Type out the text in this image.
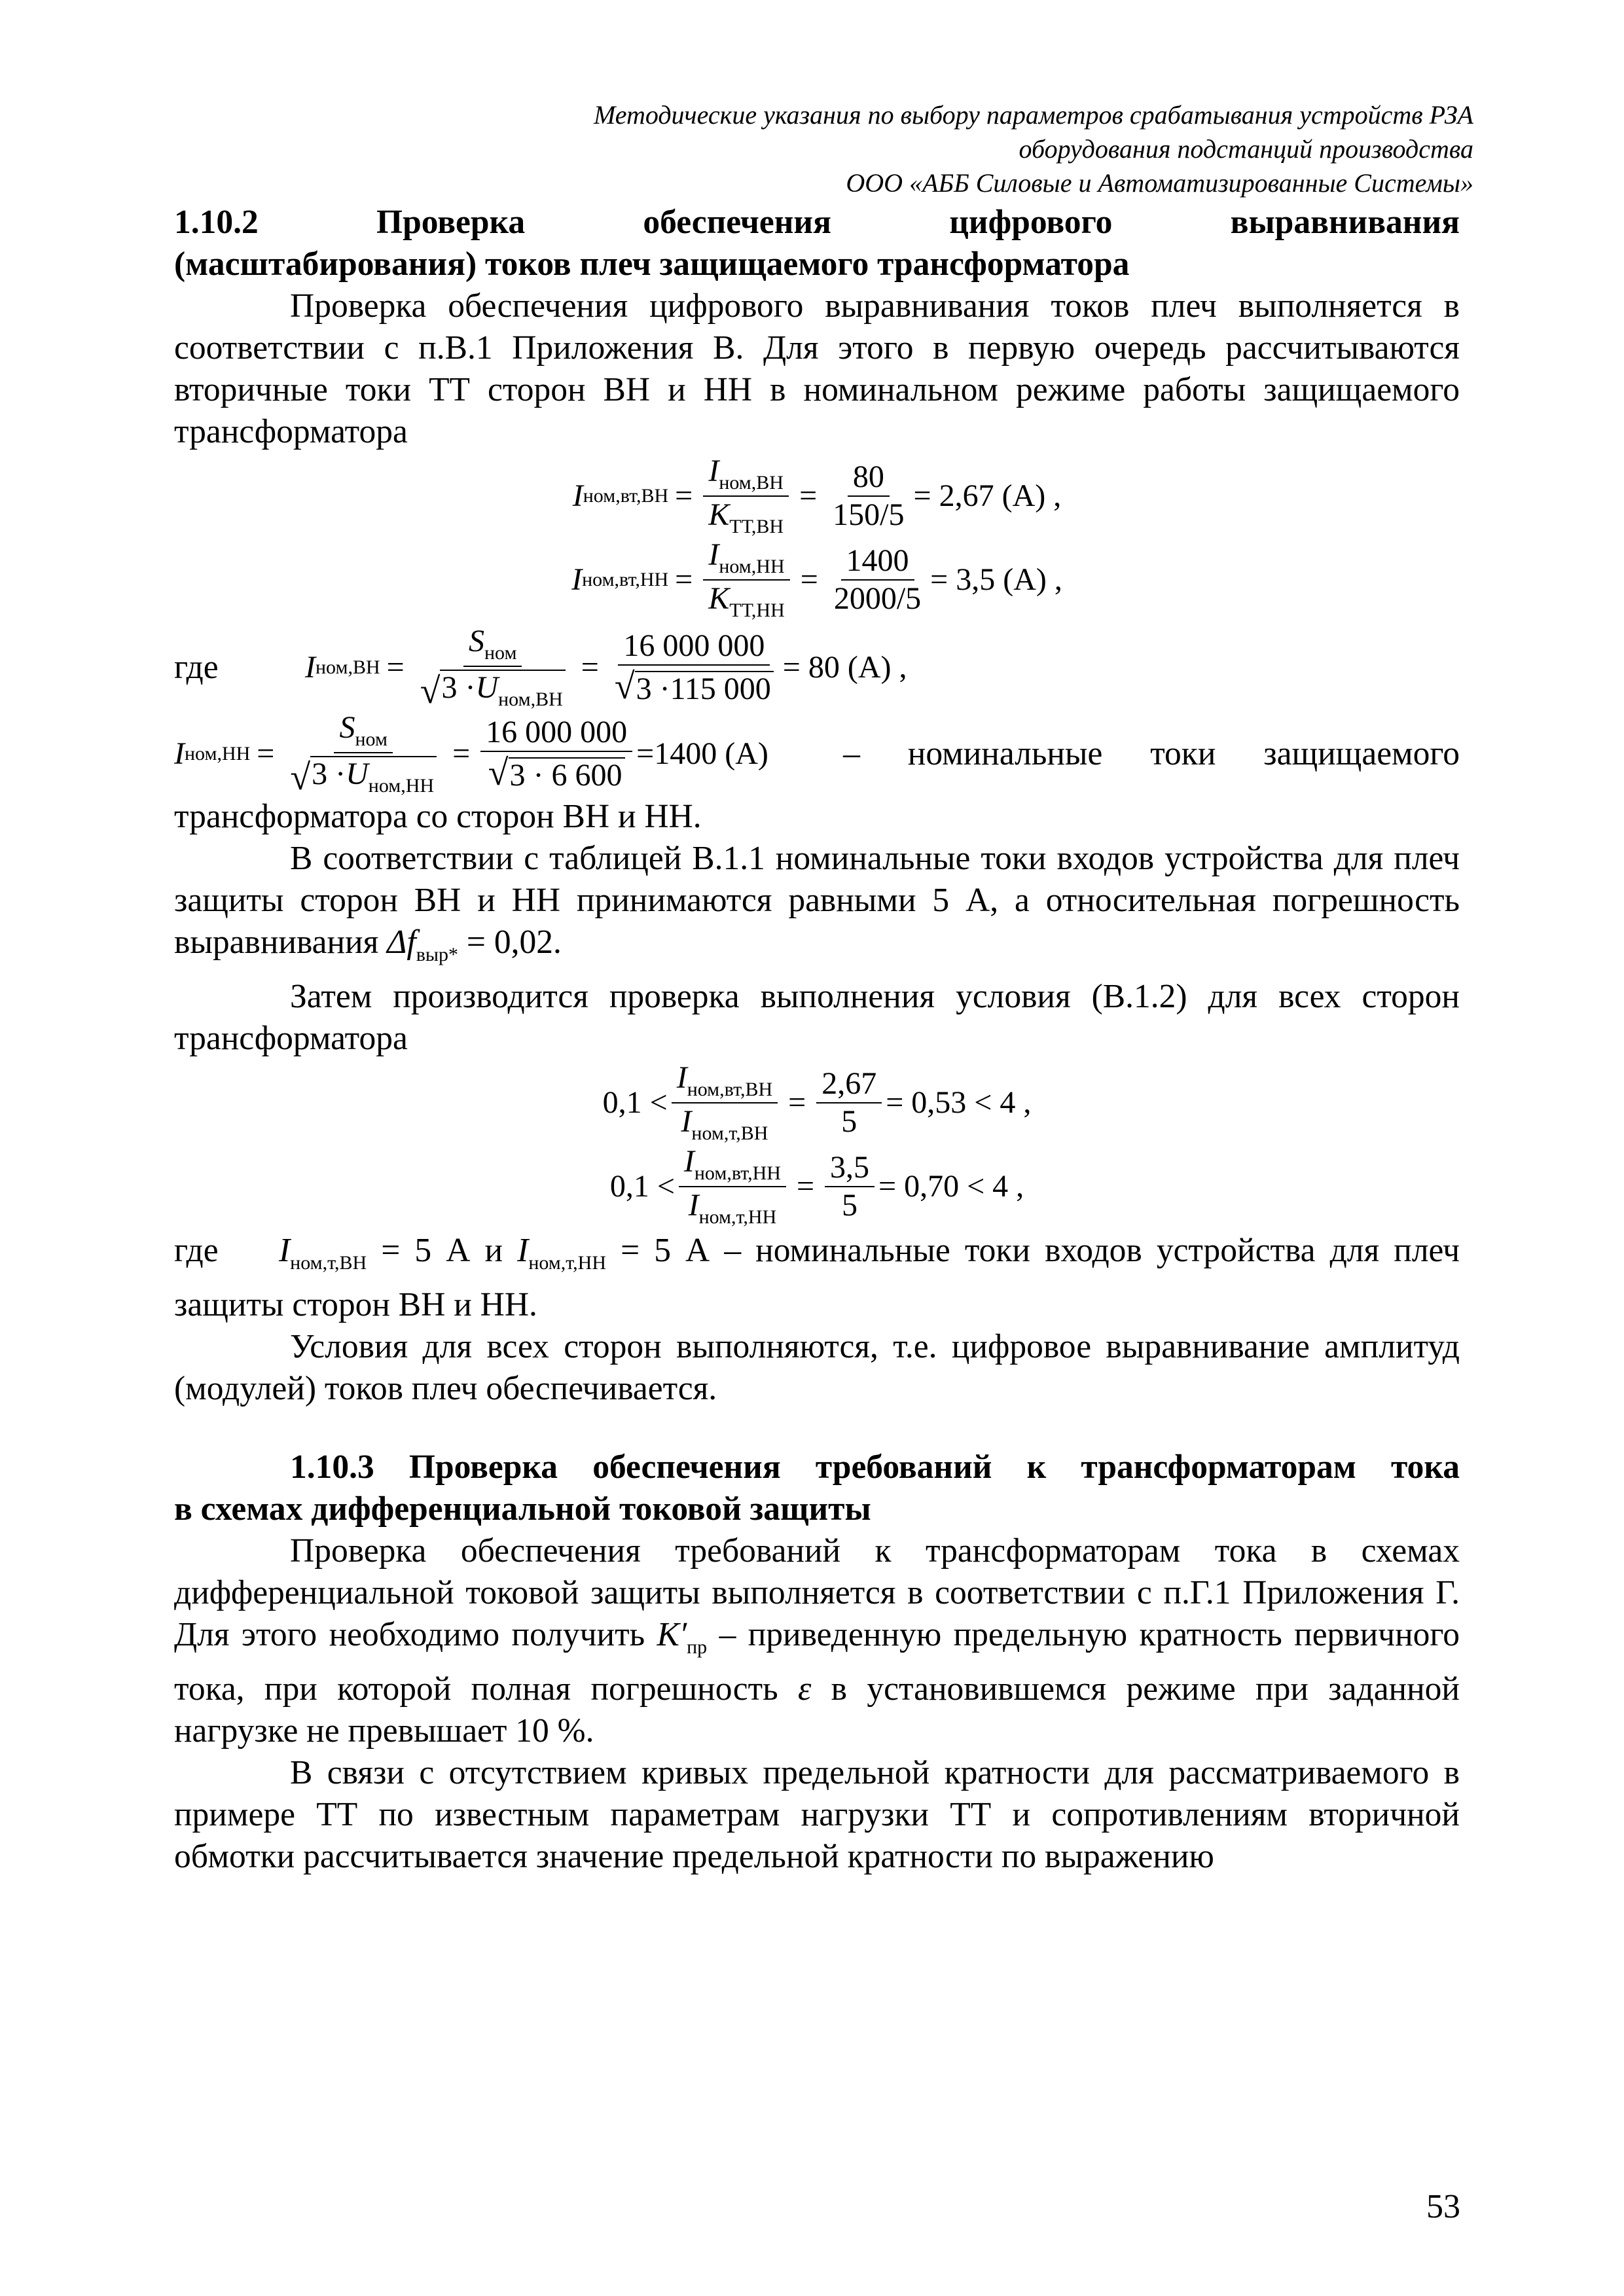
Методические указания по выбору параметров срабатывания устройств РЗА
оборудования подстанций производства
ООО «АББ Силовые и Автоматизированные Системы»
1.10.2 Проверка обеспечения цифрового выравнивания
(масштабирования) токов плеч защищаемого трансформатора

Проверка обеспечения цифрового выравнивания токов плеч выполняется в соответствии с п.В.1 Приложения В. Для этого в первую очередь рассчитываются вторичные токи ТТ сторон ВН и НН в номинальном режиме работы защищаемого трансформатора

I $ном,вт,ВН = \frac{I_{ном,ВН}}{K_{ТТ,ВН}} = \frac{80}{150/5} = 2,67$ (A) ,
I $ном,вт,НН = \frac{I_{ном,НН}}{K_{ТТ,НН}} = \frac{1400}{2000/5} = 3,5$ (A) ,
где	I $ном,ВН = \frac{S_{ном}}{√ 3 \cdot U_{ном,ВН}} = \frac{16 000 000}{√ 3 \cdot 115 000} = 80$ (A) ,
I $ном,НН = \frac{S_{ном}}{√ 3 \cdot U_{ном,НН}} = \frac{16 000 000}{√ 3 \cdot 6 600} =1400$ (A) – номинальные токи защищаемого

трансформатора со сторон ВН и НН.

В соответствии с таблицей В.1.1 номинальные токи входов устройства для плеч защиты сторон ВН и НН принимаются равными 5 А, а относительная погрешность выравнивания $\Delta f_{выр*} = 0,02$.

Затем производится проверка выполнения условия (В.1.2) для всех сторон трансформатора

$0,1 < \frac{I_{ном,вт,ВН}}{I_{ном,т,ВН}} = \frac{2,67}{5} = 0,53 < 4$ ,
$0,1 < \frac{I_{ном,вт,НН}}{I_{ном,т,НН}} = \frac{3,5}{5} = 0,70 < 4$ ,

гдеI$_{ном,т,ВН}$ = 5 А и $I_{ном,т,НН} = 5$ А – номинальные токи входов устройства для плеч защиты сторон ВН и НН.

Условия для всех сторон выполняются, т.е. цифровое выравнивание амплитуд (модулей) токов плеч обеспечивается.

1.10.3 Проверка обеспечения требований к трансформаторам тока
в схемах дифференциальной токовой защиты

Проверка обеспечения требований к трансформаторам тока в схемах дифференциальной токовой защиты выполняется в соответствии с п.Г.1 Приложения Г. Для этого необходимо получить $K'_{пр}$ – приведенную предельную кратность первичного тока, при которой полная погрешность ε в установившемся режиме при заданной нагрузке не превышает 10 %.

В связи с отсутствием кривых предельной кратности для рассматриваемого в примере ТТ по известным параметрам нагрузки ТТ и сопротивлениям вторичной обмотки рассчитывается значение предельной кратности по выражению

53
